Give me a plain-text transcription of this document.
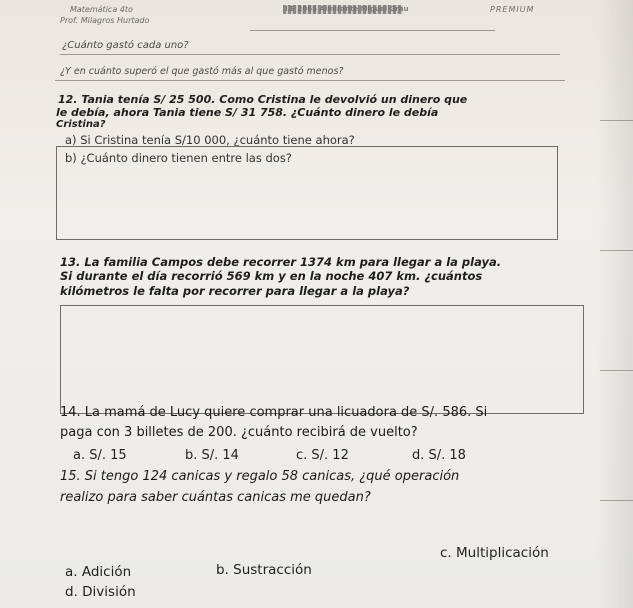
Matemática 4to
Prof. Milagros Hurtado
I.E 2065 Almirante Miguel Grau	PREMIUM
¿Cuánto gastó cada uno?
¿Y en cuánto superó el que gastó más al que gastó menos?
12. Tania tenía S/ 25 500. Como Cristina le devolvió un dinero que
le debía, ahora Tania tiene S/ 31 758. ¿Cuánto dinero le debía
Cristina?
a) Si Cristina tenía S/10 000, ¿cuánto tiene ahora?
b) ¿Cuánto dinero tienen entre las dos?
13. La familia Campos debe recorrer 1374 km para llegar a la playa.
Si durante el día recorrió 569 km y en la noche 407 km. ¿cuántos
kilómetros le falta por recorrer para llegar a la playa?
14. La mamá de Lucy quiere comprar una licuadora de S/. 586. Si
paga con 3 billetes de 200. ¿cuánto recibirá de vuelto?
a. S/. 15	b. S/. 14	c. S/. 12	d. S/. 18
15. Si tengo 124 canicas y regalo 58 canicas, ¿qué operación
realizo para saber cuántas canicas me quedan?
a. Adición	b. Sustracción
c. Multiplicación
d. División
